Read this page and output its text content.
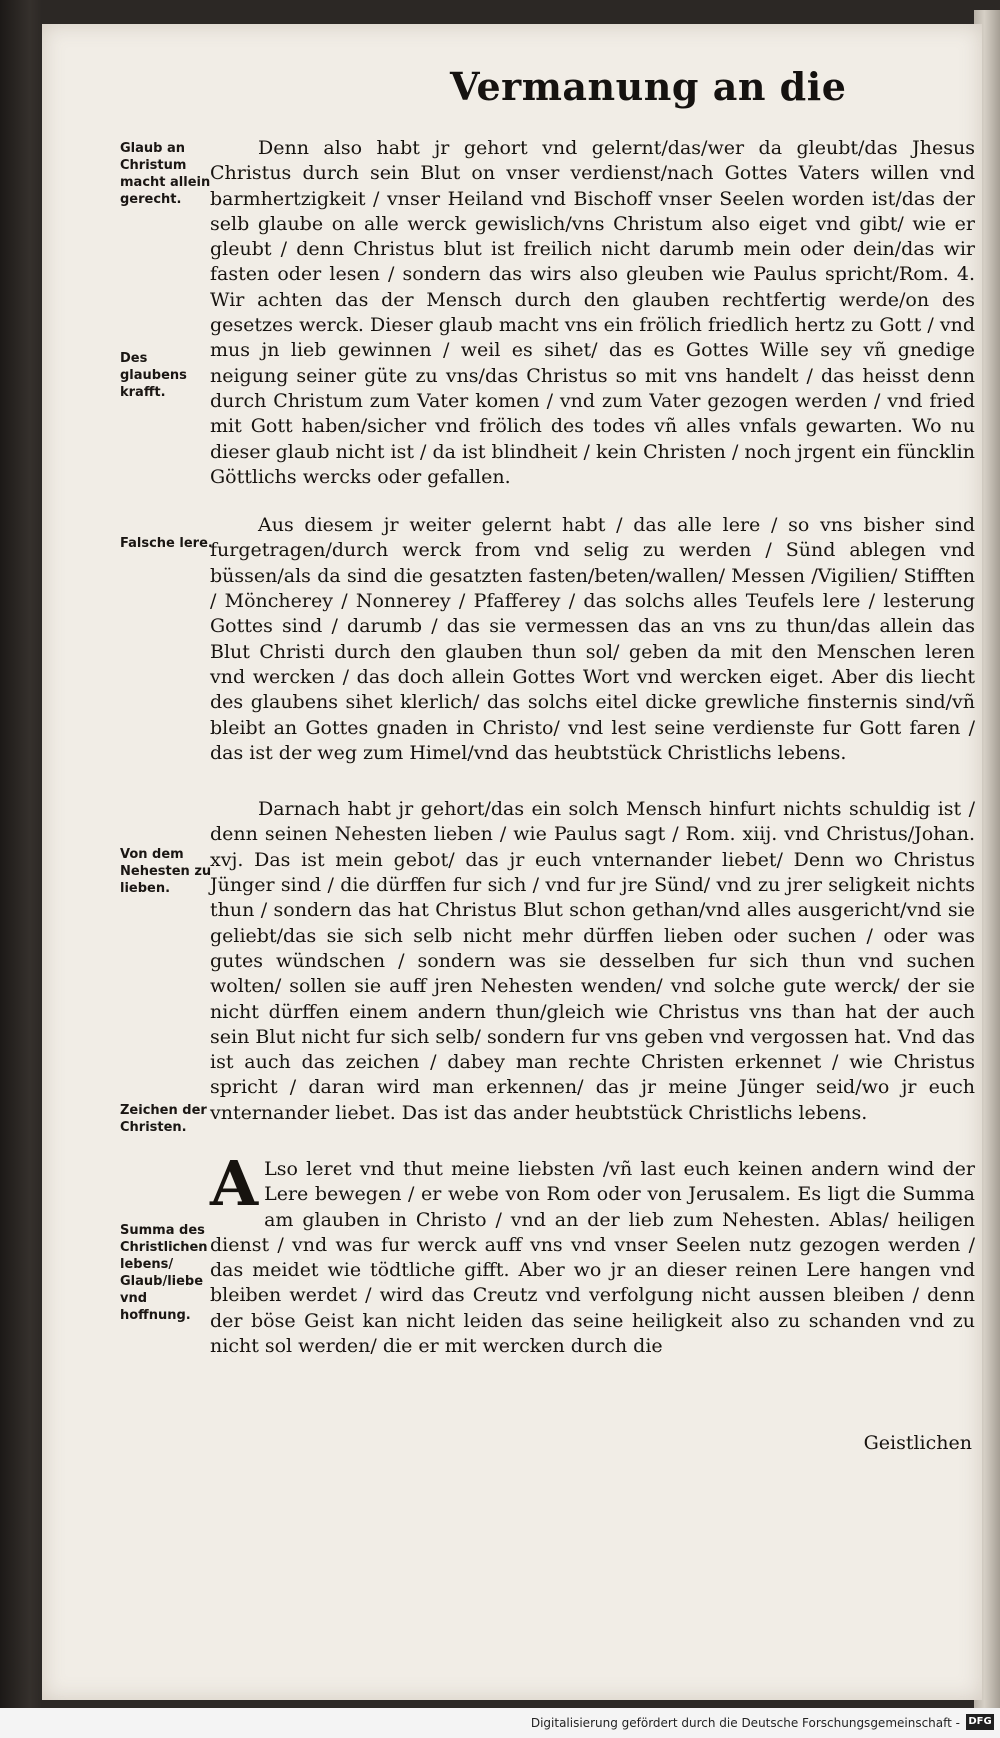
Vermanung an die
Glaub an Christum macht allein gerecht.
Des glaubens krafft.
Falsche lere.
Von dem Nehesten zu lieben.
Zeichen der Christen.
Summa des Christlichen lebens/ Glaub/liebe vnd hoffnung.

Denn also habt jr gehort vnd gelernt/das/wer da gleubt/das Jhesus Christus durch sein Blut on vnser verdienst/nach Gottes Vaters willen vnd barmhertzigkeit / vnser Heiland vnd Bischoff vnser Seelen worden ist/das der selb glaube on alle werck gewislich/vns Christum also eiget vnd gibt/ wie er gleubt / denn Christus blut ist freilich nicht darumb mein oder dein/das wir fasten oder lesen / sondern das wirs also gleuben wie Paulus spricht/Rom. 4. Wir achten das der Mensch durch den glauben rechtfertig werde/on des gesetzes werck. Dieser glaub macht vns ein frölich friedlich hertz zu Gott / vnd mus jn lieb gewinnen / weil es sihet/ das es Gottes Wille sey vñ gnedige neigung seiner güte zu vns/das Christus so mit vns handelt / das heisst denn durch Christum zum Vater komen / vnd zum Vater gezogen werden / vnd fried mit Gott haben/sicher vnd frölich des todes vñ alles vnfals gewarten. Wo nu dieser glaub nicht ist / da ist blindheit / kein Christen / noch jrgent ein füncklin Göttlichs wercks oder gefallen.

Aus diesem jr weiter gelernt habt / das alle lere / so vns bisher sind furgetragen/durch werck from vnd selig zu werden / Sünd ablegen vnd büssen/als da sind die gesatzten fasten/beten/wallen/ Messen /Vigilien/ Stifften / Möncherey / Nonnerey / Pfafferey / das solchs alles Teufels lere / lesterung Gottes sind / darumb / das sie vermessen das an vns zu thun/das allein das Blut Christi durch den glauben thun sol/ geben da mit den Menschen leren vnd wercken / das doch allein Gottes Wort vnd wercken eiget. Aber dis liecht des glaubens sihet klerlich/ das solchs eitel dicke grewliche finsternis sind/vñ bleibt an Gottes gnaden in Christo/ vnd lest seine verdienste fur Gott faren / das ist der weg zum Himel/vnd das heubtstück Christlichs lebens.

Darnach habt jr gehort/das ein solch Mensch hinfurt nichts schuldig ist / denn seinen Nehesten lieben / wie Paulus sagt / Rom. xiij. vnd Christus/Johan. xvj. Das ist mein gebot/ das jr euch vnternander liebet/ Denn wo Christus Jünger sind / die dürffen fur sich / vnd fur jre Sünd/ vnd zu jrer seligkeit nichts thun / sondern das hat Christus Blut schon gethan/vnd alles ausgericht/vnd sie geliebt/das sie sich selb nicht mehr dürffen lieben oder suchen / oder was gutes wündschen / sondern was sie desselben fur sich thun vnd suchen wolten/ sollen sie auff jren Nehesten wenden/ vnd solche gute werck/ der sie nicht dürffen einem andern thun/gleich wie Christus vns than hat der auch sein Blut nicht fur sich selb/ sondern fur vns geben vnd vergossen hat. Vnd das ist auch das zeichen / dabey man rechte Christen erkennet / wie Christus spricht / daran wird man erkennen/ das jr meine Jünger seid/wo jr euch vnternander liebet. Das ist das ander heubtstück Christlichs lebens.

A Lso leret vnd thut meine liebsten /vñ last euch keinen andern wind der Lere bewegen / er webe von Rom oder von Jerusalem. Es ligt die Summa am glauben in Christo / vnd an der lieb zum Nehesten. Ablas/ heiligen dienst / vnd was fur werck auff vns vnd vnser Seelen nutz gezogen werden / das meidet wie tödtliche gifft. Aber wo jr an dieser reinen Lere hangen vnd bleiben werdet / wird das Creutz vnd verfolgung nicht aussen bleiben / denn der böse Geist kan nicht leiden das seine heiligkeit also zu schanden vnd zu nicht sol werden/ die er mit wercken durch die

Geistlichen
Digitalisierung gefördert durch die Deutsche Forschungsgemeinschaft - DFG
